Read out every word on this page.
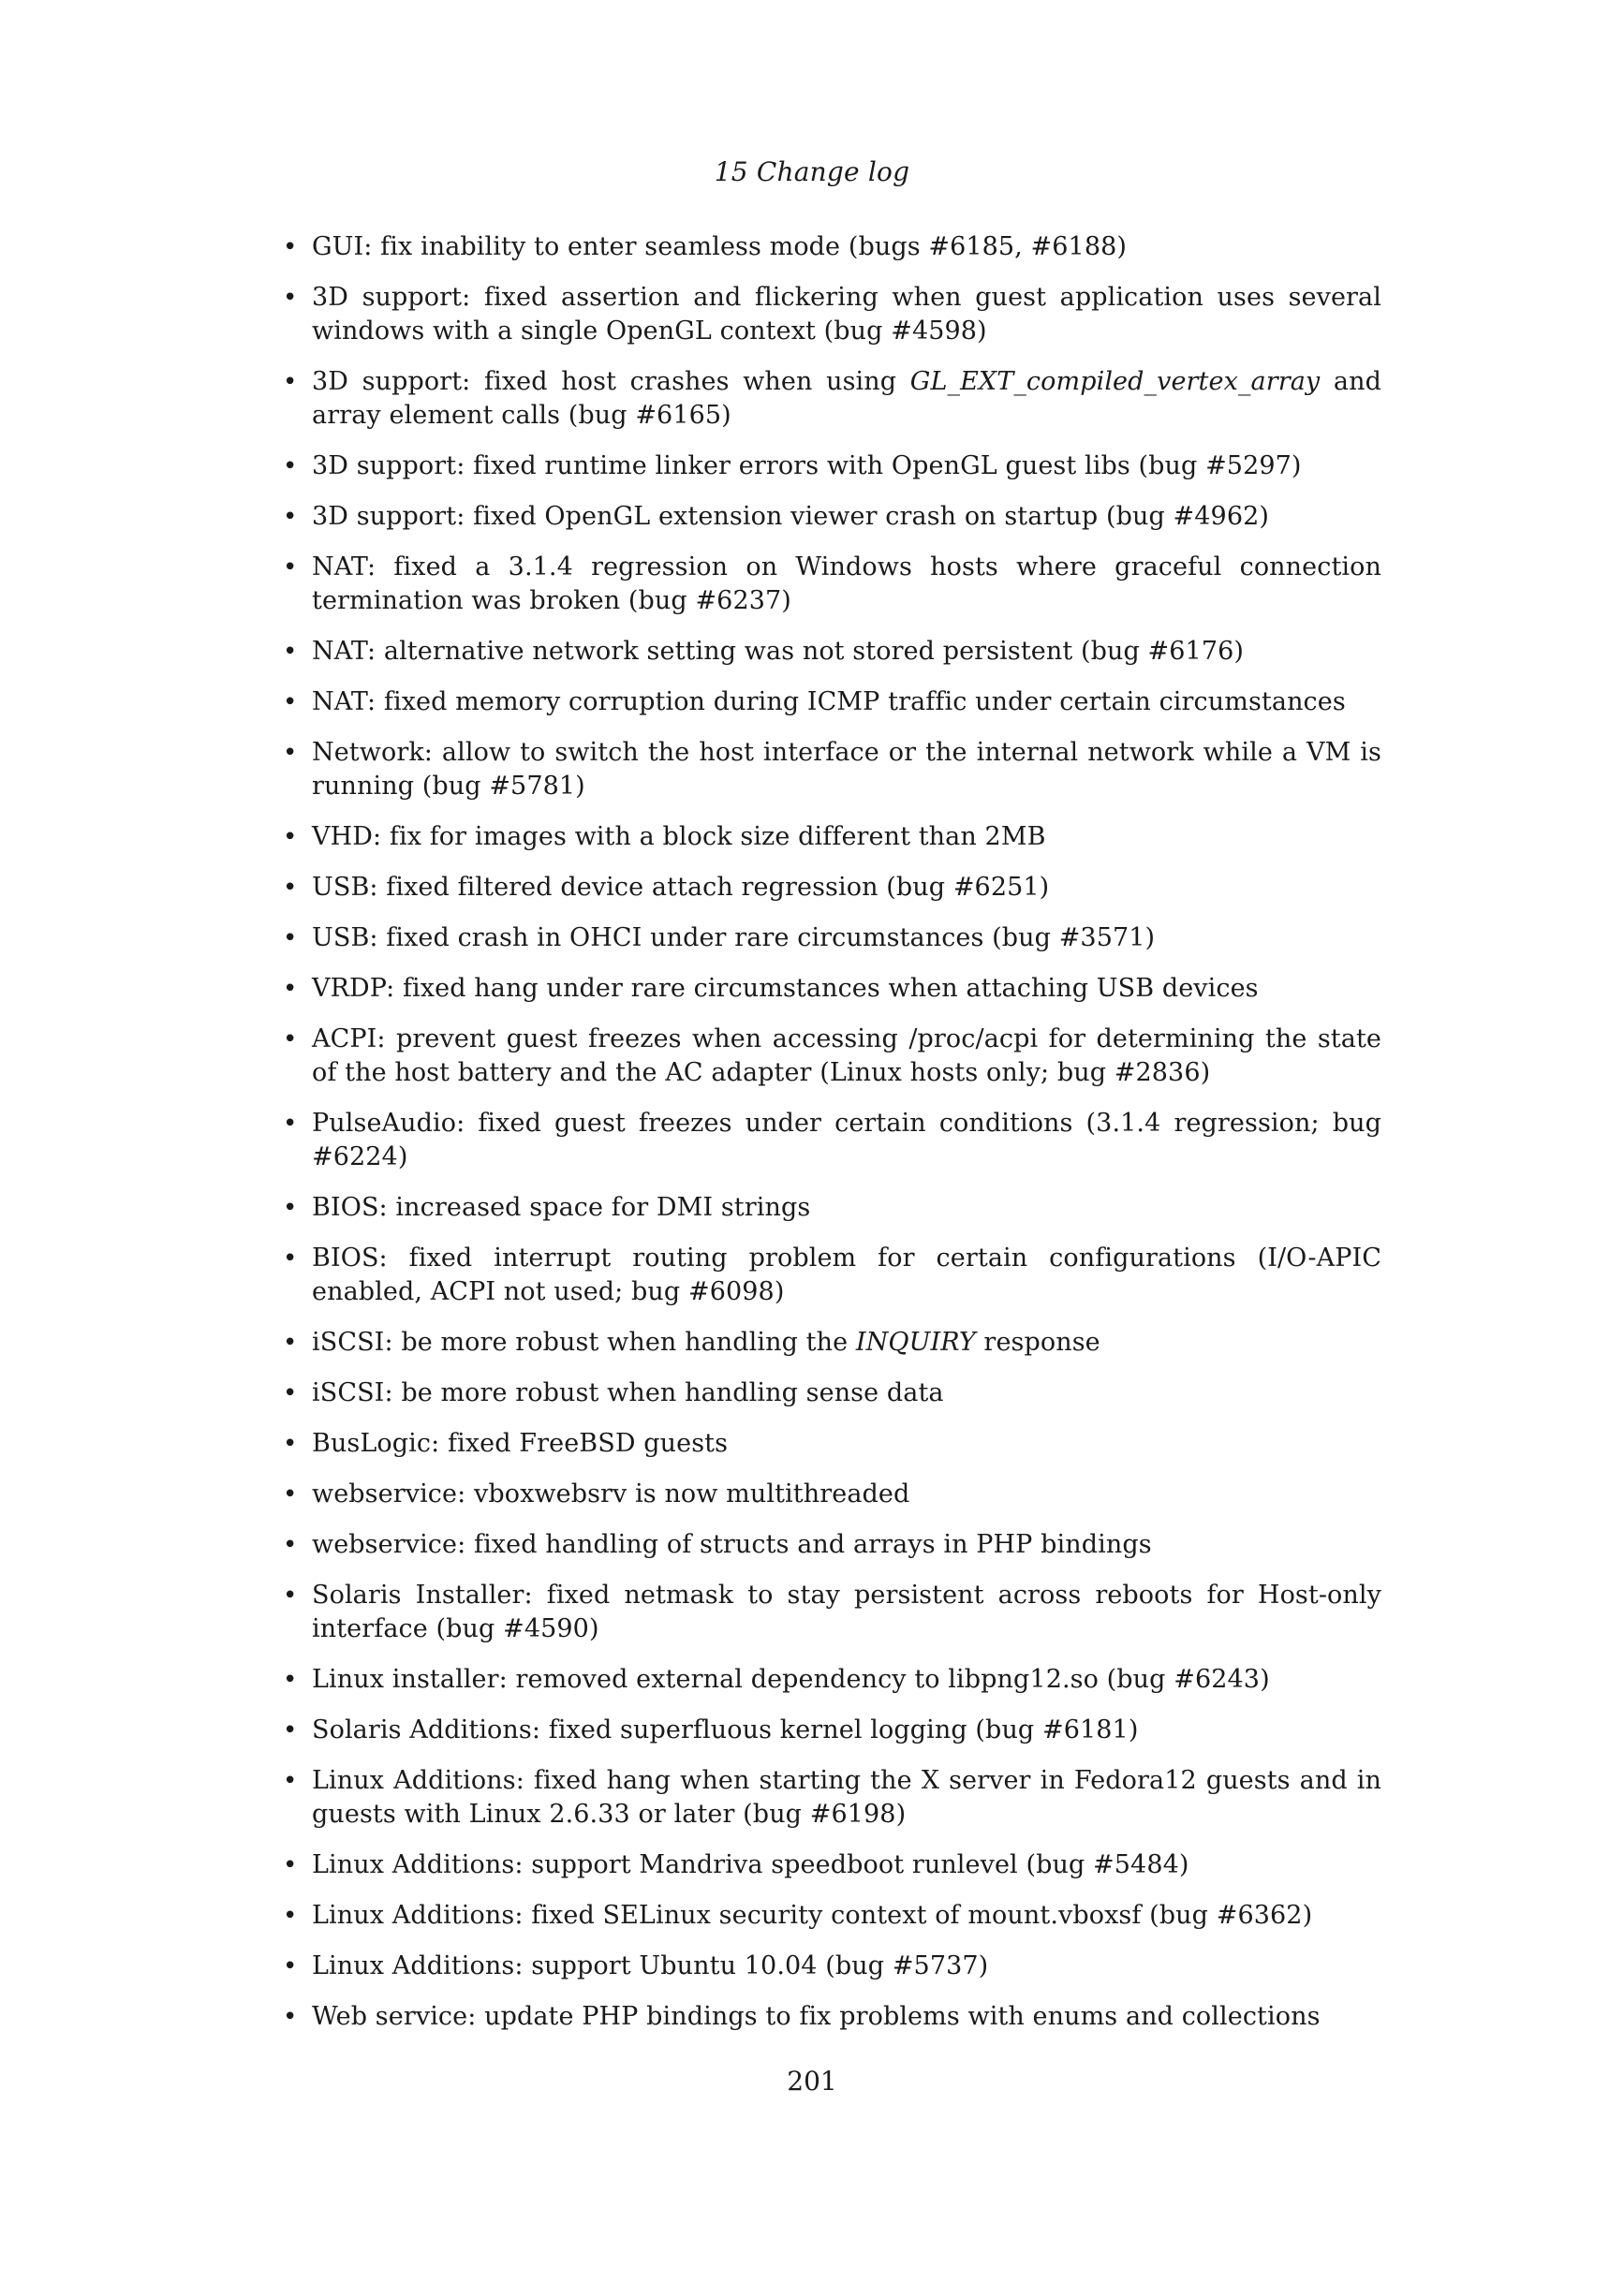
15 Change log
• GUI: fix inability to enter seamless mode (bugs #6185, #6188)
• 3D support: fixed assertion and flickering when guest application uses several windows with a single OpenGL context (bug #4598)
• 3D support: fixed host crashes when using GL_EXT_compiled_vertex_array and array element calls (bug #6165)
• 3D support: fixed runtime linker errors with OpenGL guest libs (bug #5297)
• 3D support: fixed OpenGL extension viewer crash on startup (bug #4962)
• NAT: fixed a 3.1.4 regression on Windows hosts where graceful connection termination was broken (bug #6237)
• NAT: alternative network setting was not stored persistent (bug #6176)
• NAT: fixed memory corruption during ICMP traffic under certain circumstances
• Network: allow to switch the host interface or the internal network while a VM is running (bug #5781)
• VHD: fix for images with a block size different than 2MB
• USB: fixed filtered device attach regression (bug #6251)
• USB: fixed crash in OHCI under rare circumstances (bug #3571)
• VRDP: fixed hang under rare circumstances when attaching USB devices
• ACPI: prevent guest freezes when accessing /proc/acpi for determining the state of the host battery and the AC adapter (Linux hosts only; bug #2836)
• PulseAudio: fixed guest freezes under certain conditions (3.1.4 regression; bug #6224)
• BIOS: increased space for DMI strings
• BIOS: fixed interrupt routing problem for certain configurations (I/O-APIC enabled, ACPI not used; bug #6098)
• iSCSI: be more robust when handling the INQUIRY response
• iSCSI: be more robust when handling sense data
• BusLogic: fixed FreeBSD guests
• webservice: vboxwebsrv is now multithreaded
• webservice: fixed handling of structs and arrays in PHP bindings
• Solaris Installer: fixed netmask to stay persistent across reboots for Host-only interface (bug #4590)
• Linux installer: removed external dependency to libpng12.so (bug #6243)
• Solaris Additions: fixed superfluous kernel logging (bug #6181)
• Linux Additions: fixed hang when starting the X server in Fedora12 guests and in guests with Linux 2.6.33 or later (bug #6198)
• Linux Additions: support Mandriva speedboot runlevel (bug #5484)
• Linux Additions: fixed SELinux security context of mount.vboxsf (bug #6362)
• Linux Additions: support Ubuntu 10.04 (bug #5737)
• Web service: update PHP bindings to fix problems with enums and collections
201
